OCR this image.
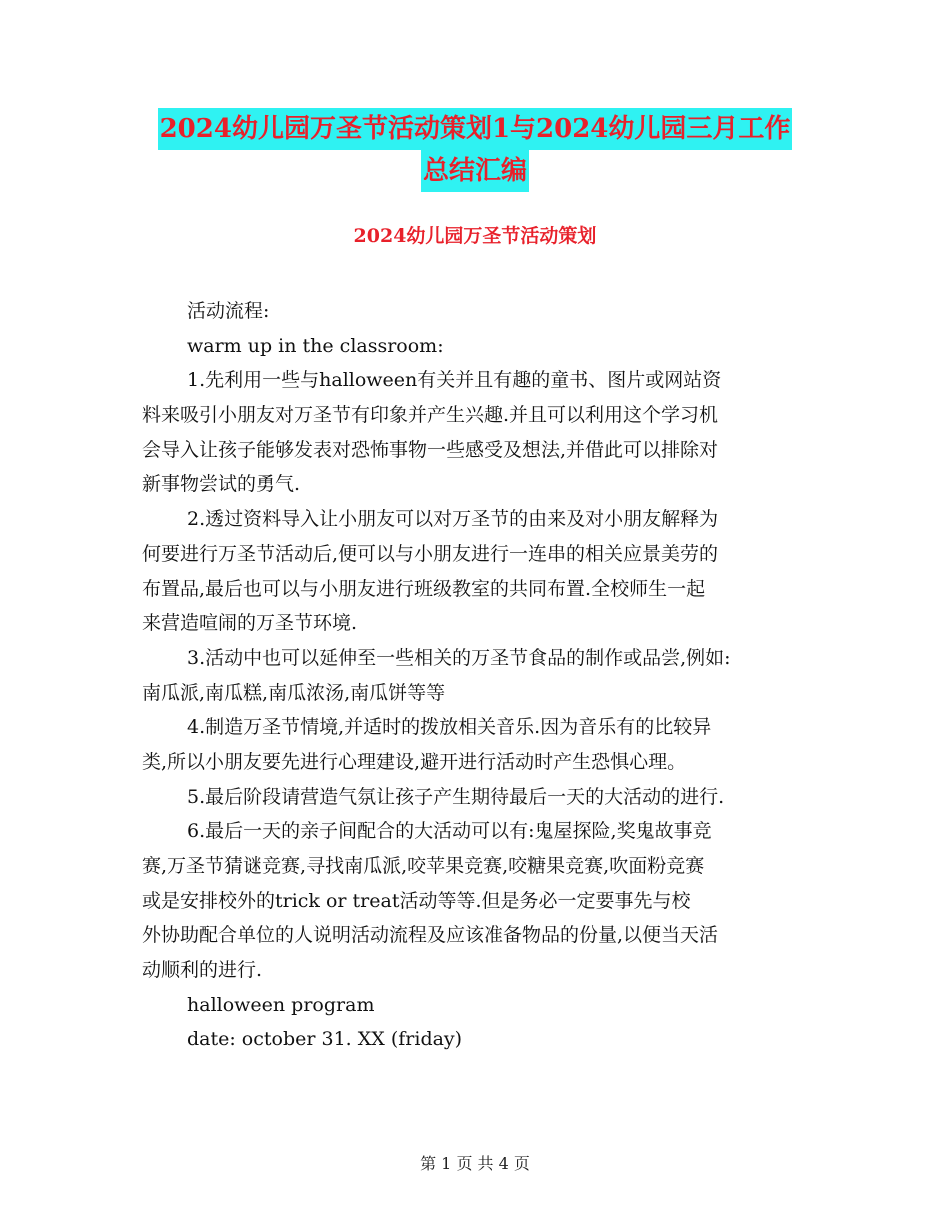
2024幼儿园万圣节活动策划1与2024幼儿园三月工作
总结汇编
2024幼儿园万圣节活动策划
活动流程:
warm up in the classroom:
1.先利用一些与halloween有关并且有趣的童书、图片或网站资
料来吸引小朋友对万圣节有印象并产生兴趣.并且可以利用这个学习机
会导入让孩子能够发表对恐怖事物一些感受及想法,并借此可以排除对
新事物尝试的勇气.
2.透过资料导入让小朋友可以对万圣节的由来及对小朋友解释为
何要进行万圣节活动后,便可以与小朋友进行一连串的相关应景美劳的
布置品,最后也可以与小朋友进行班级教室的共同布置.全校师生一起
来营造喧闹的万圣节环境.
3.活动中也可以延伸至一些相关的万圣节食品的制作或品尝,例如:
南瓜派,南瓜糕,南瓜浓汤,南瓜饼等等
4.制造万圣节情境,并适时的拨放相关音乐.因为音乐有的比较异
类,所以小朋友要先进行心理建设,避开进行活动时产生恐惧心理。
5.最后阶段请营造气氛让孩子产生期待最后一天的大活动的进行.
6.最后一天的亲子间配合的大活动可以有:鬼屋探险,奖鬼故事竞
赛,万圣节猜谜竞赛,寻找南瓜派,咬苹果竞赛,咬糖果竞赛,吹面粉竞赛
或是安排校外的trick or treat活动等等.但是务必一定要事先与校
外协助配合单位的人说明活动流程及应该准备物品的份量,以便当天活
动顺利的进行.
halloween program
date: october 31. XX (friday)
第 1 页 共 4 页
